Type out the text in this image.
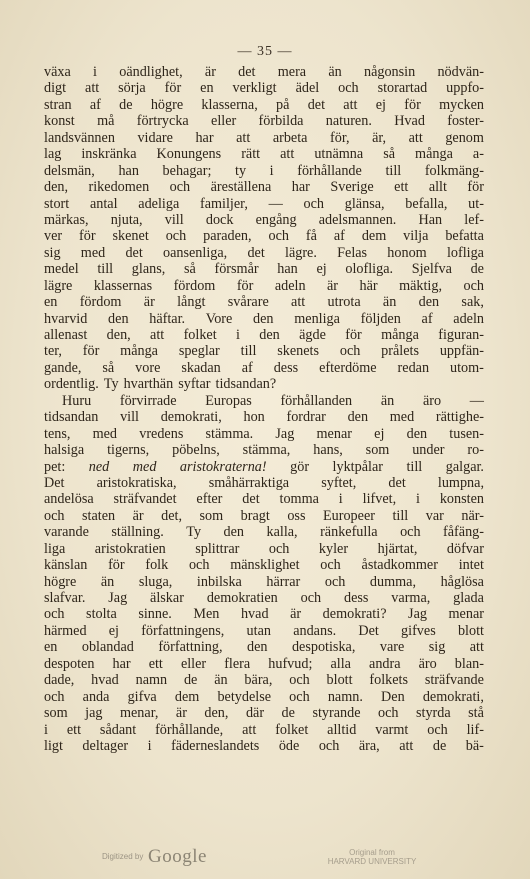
— 35 —
växa i oändlighet, är det mera än någonsin nödvän-
digt att sörja för en verkligt ädel och storartad uppfo-
stran af de högre klasserna, på det att ej för mycken
konst må förtrycka eller förbilda naturen. Hvad foster-
landsvännen vidare har att arbeta för, är, att genom
lag inskränka Konungens rätt att utnämna så många a-
delsmän, han behagar; ty i förhållande till folkmäng-
den, rikedomen och äreställena har Sverige ett allt för
stort antal adeliga familjer, — och glänsa, befalla, ut-
märkas, njuta, vill dock engång adelsmannen. Han lef-
ver för skenet och paraden, och få af dem vilja befatta
sig med det oansenliga, det lägre. Felas honom lofliga
medel till glans, så försmår han ej olofliga. Sjelfva de
lägre klassernas fördom för adeln är här mäktig, och
en fördom är långt svårare att utrota än den sak,
hvarvid den häftar. Vore den menliga följden af adeln
allenast den, att folket i den ägde för många figuran-
ter, för många speglar till skenets och prålets uppfän-
gande, så vore skadan af dess efterdöme redan utom-
ordentlig. Ty hvarthän syftar tidsandan?
Huru förvirrade Europas förhållanden än äro —
tidsandan vill demokrati, hon fordrar den med rättighe-
tens, med vredens stämma. Jag menar ej den tusen-
halsiga tigerns, pöbelns, stämma, hans, som under ro-
pet: ned med aristokraterna! gör lyktpålar till galgar.
Det aristokratiska, småhärraktiga syftet, det lumpna,
andelösa sträfvandet efter det tomma i lifvet, i konsten
och staten är det, som bragt oss Europeer till var när-
varande ställning. Ty den kalla, ränkefulla och fåfäng-
liga aristokratien splittrar och kyler hjärtat, döfvar
känslan för folk och mänsklighet och åstadkommer intet
högre än sluga, inbilska härrar och dumma, håglösa
slafvar. Jag älskar demokratien och dess varma, glada
och stolta sinne. Men hvad är demokrati? Jag menar
härmed ej författningens, utan andans. Det gifves blott
en oblandad författning, den despotiska, vare sig att
despoten har ett eller flera hufvud; alla andra äro blan-
dade, hvad namn de än bära, och blott folkets sträfvande
och anda gifva dem betydelse och namn. Den demokrati,
som jag menar, är den, där de styrande och styrda stå
i ett sådant förhållande, att folket alltid varmt och lif-
ligt deltager i fäderneslandets öde och ära, att de bä-
Digitized by Google	Original from
HARVARD UNIVERSITY
